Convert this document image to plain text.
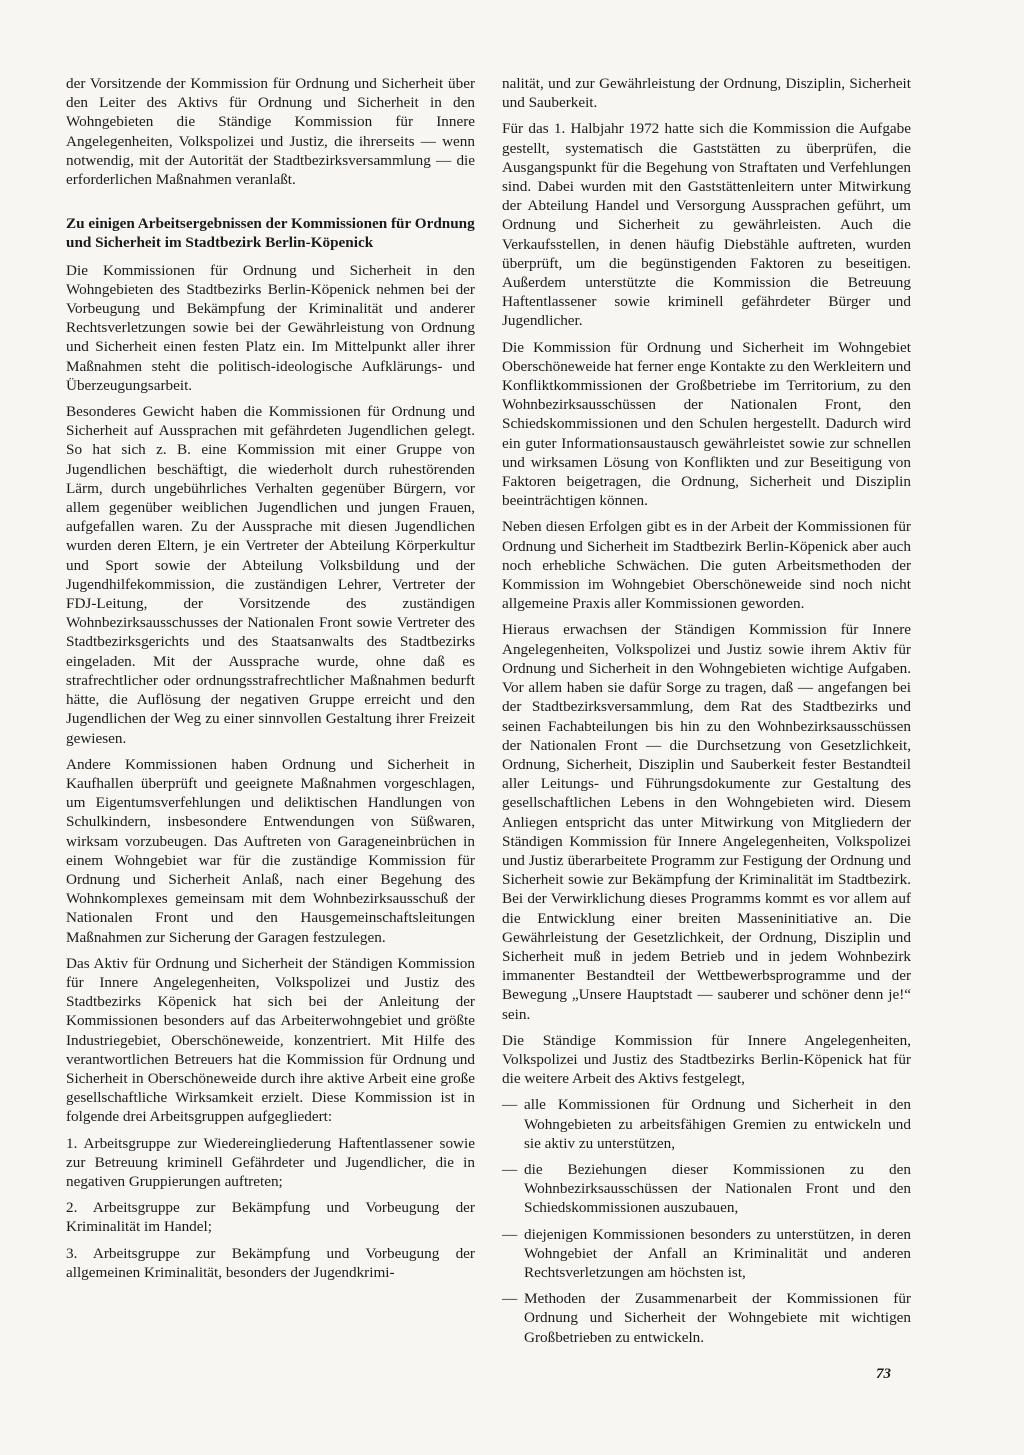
der Vorsitzende der Kommission für Ordnung und Sicherheit über den Leiter des Aktivs für Ordnung und Sicherheit in den Wohngebieten die Ständige Kommission für Innere Angelegenheiten, Volkspolizei und Justiz, die ihrerseits — wenn notwendig, mit der Autorität der Stadtbezirksversammlung — die erforderlichen Maßnahmen veranlaßt.

Zu einigen Arbeitsergebnissen der Kommissionen für Ordnung und Sicherheit im Stadtbezirk Berlin-Köpenick

Die Kommissionen für Ordnung und Sicherheit in den Wohngebieten des Stadtbezirks Berlin-Köpenick nehmen bei der Vorbeugung und Bekämpfung der Kriminalität und anderer Rechtsverletzungen sowie bei der Gewährleistung von Ordnung und Sicherheit einen festen Platz ein. Im Mittelpunkt aller ihrer Maßnahmen steht die politisch-ideologische Aufklärungs- und Überzeugungsarbeit.

Besonderes Gewicht haben die Kommissionen für Ordnung und Sicherheit auf Aussprachen mit gefährdeten Jugendlichen gelegt. So hat sich z. B. eine Kommission mit einer Gruppe von Jugendlichen beschäftigt, die wiederholt durch ruhestörenden Lärm, durch ungebührliches Verhalten gegenüber Bürgern, vor allem gegenüber weiblichen Jugendlichen und jungen Frauen, aufgefallen waren. Zu der Aussprache mit diesen Jugendlichen wurden deren Eltern, je ein Vertreter der Abteilung Körperkultur und Sport sowie der Abteilung Volksbildung und der Jugendhilfekommission, die zuständigen Lehrer, Vertreter der FDJ-Leitung, der Vorsitzende des zuständigen Wohnbezirksausschusses der Nationalen Front sowie Vertreter des Stadtbezirksgerichts und des Staatsanwalts des Stadtbezirks eingeladen. Mit der Aussprache wurde, ohne daß es strafrechtlicher oder ordnungsstrafrechtlicher Maßnahmen bedurft hätte, die Auflösung der negativen Gruppe erreicht und den Jugendlichen der Weg zu einer sinnvollen Gestaltung ihrer Freizeit gewiesen.

Andere Kommissionen haben Ordnung und Sicherheit in Kaufhallen überprüft und geeignete Maßnahmen vorgeschlagen, um Eigentumsverfehlungen und deliktischen Handlungen von Schulkindern, insbesondere Entwendungen von Süßwaren, wirksam vorzubeugen. Das Auftreten von Garageneinbrüchen in einem Wohngebiet war für die zuständige Kommission für Ordnung und Sicherheit Anlaß, nach einer Begehung des Wohnkomplexes gemeinsam mit dem Wohnbezirksausschuß der Nationalen Front und den Hausgemeinschaftsleitungen Maßnahmen zur Sicherung der Garagen festzulegen.

Das Aktiv für Ordnung und Sicherheit der Ständigen Kommission für Innere Angelegenheiten, Volkspolizei und Justiz des Stadtbezirks Köpenick hat sich bei der Anleitung der Kommissionen besonders auf das Arbeiterwohngebiet und größte Industriegebiet, Oberschöneweide, konzentriert. Mit Hilfe des verantwortlichen Betreuers hat die Kommission für Ordnung und Sicherheit in Oberschöneweide durch ihre aktive Arbeit eine große gesellschaftliche Wirksamkeit erzielt. Diese Kommission ist in folgende drei Arbeitsgruppen aufgegliedert:

1. Arbeitsgruppe zur Wiedereingliederung Haftentlassener sowie zur Betreuung kriminell Gefährdeter und Jugendlicher, die in negativen Gruppierungen auftreten;

2. Arbeitsgruppe zur Bekämpfung und Vorbeugung der Kriminalität im Handel;

3. Arbeitsgruppe zur Bekämpfung und Vorbeugung der allgemeinen Kriminalität, besonders der Jugendkrimi-

nalität, und zur Gewährleistung der Ordnung, Disziplin, Sicherheit und Sauberkeit.

Für das 1. Halbjahr 1972 hatte sich die Kommission die Aufgabe gestellt, systematisch die Gaststätten zu überprüfen, die Ausgangspunkt für die Begehung von Straftaten und Verfehlungen sind. Dabei wurden mit den Gaststättenleitern unter Mitwirkung der Abteilung Handel und Versorgung Aussprachen geführt, um Ordnung und Sicherheit zu gewährleisten. Auch die Verkaufsstellen, in denen häufig Diebstähle auftreten, wurden überprüft, um die begünstigenden Faktoren zu beseitigen. Außerdem unterstützte die Kommission die Betreuung Haftentlassener sowie kriminell gefährdeter Bürger und Jugendlicher.

Die Kommission für Ordnung und Sicherheit im Wohngebiet Oberschöneweide hat ferner enge Kontakte zu den Werkleitern und Konfliktkommissionen der Großbetriebe im Territorium, zu den Wohnbezirksausschüssen der Nationalen Front, den Schiedskommissionen und den Schulen hergestellt. Dadurch wird ein guter Informationsaustausch gewährleistet sowie zur schnellen und wirksamen Lösung von Konflikten und zur Beseitigung von Faktoren beigetragen, die Ordnung, Sicherheit und Disziplin beeinträchtigen können.

Neben diesen Erfolgen gibt es in der Arbeit der Kommissionen für Ordnung und Sicherheit im Stadtbezirk Berlin-Köpenick aber auch noch erhebliche Schwächen. Die guten Arbeitsmethoden der Kommission im Wohngebiet Oberschöneweide sind noch nicht allgemeine Praxis aller Kommissionen geworden.

Hieraus erwachsen der Ständigen Kommission für Innere Angelegenheiten, Volkspolizei und Justiz sowie ihrem Aktiv für Ordnung und Sicherheit in den Wohngebieten wichtige Aufgaben. Vor allem haben sie dafür Sorge zu tragen, daß — angefangen bei der Stadtbezirksversammlung, dem Rat des Stadtbezirks und seinen Fachabteilungen bis hin zu den Wohnbezirksausschüssen der Nationalen Front — die Durchsetzung von Gesetzlichkeit, Ordnung, Sicherheit, Disziplin und Sauberkeit fester Bestandteil aller Leitungs- und Führungsdokumente zur Gestaltung des gesellschaftlichen Lebens in den Wohngebieten wird. Diesem Anliegen entspricht das unter Mitwirkung von Mitgliedern der Ständigen Kommission für Innere Angelegenheiten, Volkspolizei und Justiz überarbeitete Programm zur Festigung der Ordnung und Sicherheit sowie zur Bekämpfung der Kriminalität im Stadtbezirk. Bei der Verwirklichung dieses Programms kommt es vor allem auf die Entwicklung einer breiten Masseninitiative an. Die Gewährleistung der Gesetzlichkeit, der Ordnung, Disziplin und Sicherheit muß in jedem Betrieb und in jedem Wohnbezirk immanenter Bestandteil der Wettbewerbsprogramme und der Bewegung „Unsere Hauptstadt — sauberer und schöner denn je!“ sein.

Die Ständige Kommission für Innere Angelegenheiten, Volkspolizei und Justiz des Stadtbezirks Berlin-Köpenick hat für die weitere Arbeit des Aktivs festgelegt,

— alle Kommissionen für Ordnung und Sicherheit in den Wohngebieten zu arbeitsfähigen Gremien zu entwickeln und sie aktiv zu unterstützen,
— die Beziehungen dieser Kommissionen zu den Wohnbezirksausschüssen der Nationalen Front und den Schiedskommissionen auszubauen,
— diejenigen Kommissionen besonders zu unterstützen, in deren Wohngebiet der Anfall an Kriminalität und anderen Rechtsverletzungen am höchsten ist,
— Methoden der Zusammenarbeit der Kommissionen für Ordnung und Sicherheit der Wohngebiete mit wichtigen Großbetrieben zu entwickeln.
73
